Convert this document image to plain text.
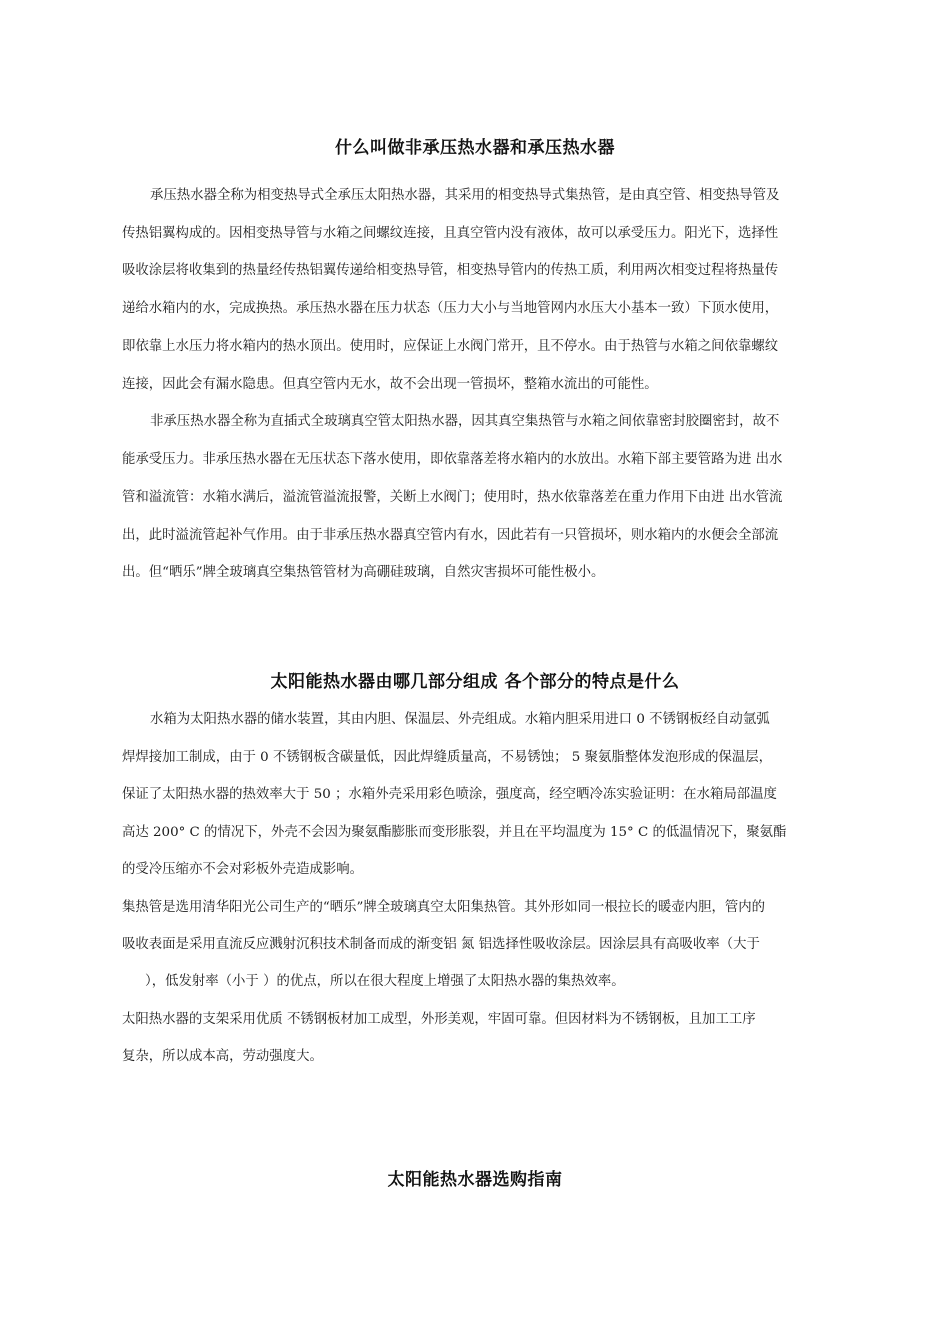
什么叫做非承压热水器和承压热水器
承压热水器全称为相变热导式全承压太阳热水器，其采用的相变热导式集热管，是由真空管、相变热导管及
传热铝翼构成的。因相变热导管与水箱之间螺纹连接，且真空管内没有液体，故可以承受压力。阳光下，选择性
吸收涂层将收集到的热量经传热铝翼传递给相变热导管，相变热导管内的传热工质，利用两次相变过程将热量传
递给水箱内的水，完成换热。承压热水器在压力状态（压力大小与当地管网内水压大小基本一致）下顶水使用，
即依靠上水压力将水箱内的热水顶出。使用时，应保证上水阀门常开，且不停水。由于热管与水箱之间依靠螺纹
连接，因此会有漏水隐患。但真空管内无水，故不会出现一管损坏，整箱水流出的可能性。
非承压热水器全称为直插式全玻璃真空管太阳热水器，因其真空集热管与水箱之间依靠密封胶圈密封，故不
能承受压力。非承压热水器在无压状态下落水使用，即依靠落差将水箱内的水放出。水箱下部主要管路为进 出水
管和溢流管：水箱水满后，溢流管溢流报警，关断上水阀门；使用时，热水依靠落差在重力作用下由进 出水管流
出，此时溢流管起补气作用。由于非承压热水器真空管内有水，因此若有一只管损坏，则水箱内的水便会全部流
出。但“晒乐”牌全玻璃真空集热管管材为高硼硅玻璃，自然灾害损坏可能性极小。
太阳能热水器由哪几部分组成 各个部分的特点是什么
水箱为太阳热水器的储水装置，其由内胆、保温层、外壳组成。水箱内胆采用进口 0 不锈钢板经自动氩弧
焊焊接加工制成，由于 0 不锈钢板含碳量低，因此焊缝质量高，不易锈蚀； 5 聚氨脂整体发泡形成的保温层，
保证了太阳热水器的热效率大于 50 ；水箱外壳采用彩色喷涂，强度高，经空晒冷冻实验证明：在水箱局部温度
高达 200° C 的情况下，外壳不会因为聚氨酯膨胀而变形胀裂，并且在平均温度为 15° C 的低温情况下，聚氨酯
的受冷压缩亦不会对彩板外壳造成影响。
集热管是选用清华阳光公司生产的“晒乐”牌全玻璃真空太阳集热管。其外形如同一根拉长的暖壶内胆，管内的
吸收表面是采用直流反应溅射沉积技术制备而成的渐变铝 氮 铝选择性吸收涂层。因涂层具有高吸收率（大于
），低发射率（小于 ）的优点，所以在很大程度上增强了太阳热水器的集热效率。
太阳热水器的支架采用优质 不锈钢板材加工成型，外形美观，牢固可靠。但因材料为不锈钢板，且加工工序
复杂，所以成本高，劳动强度大。
太阳能热水器选购指南
